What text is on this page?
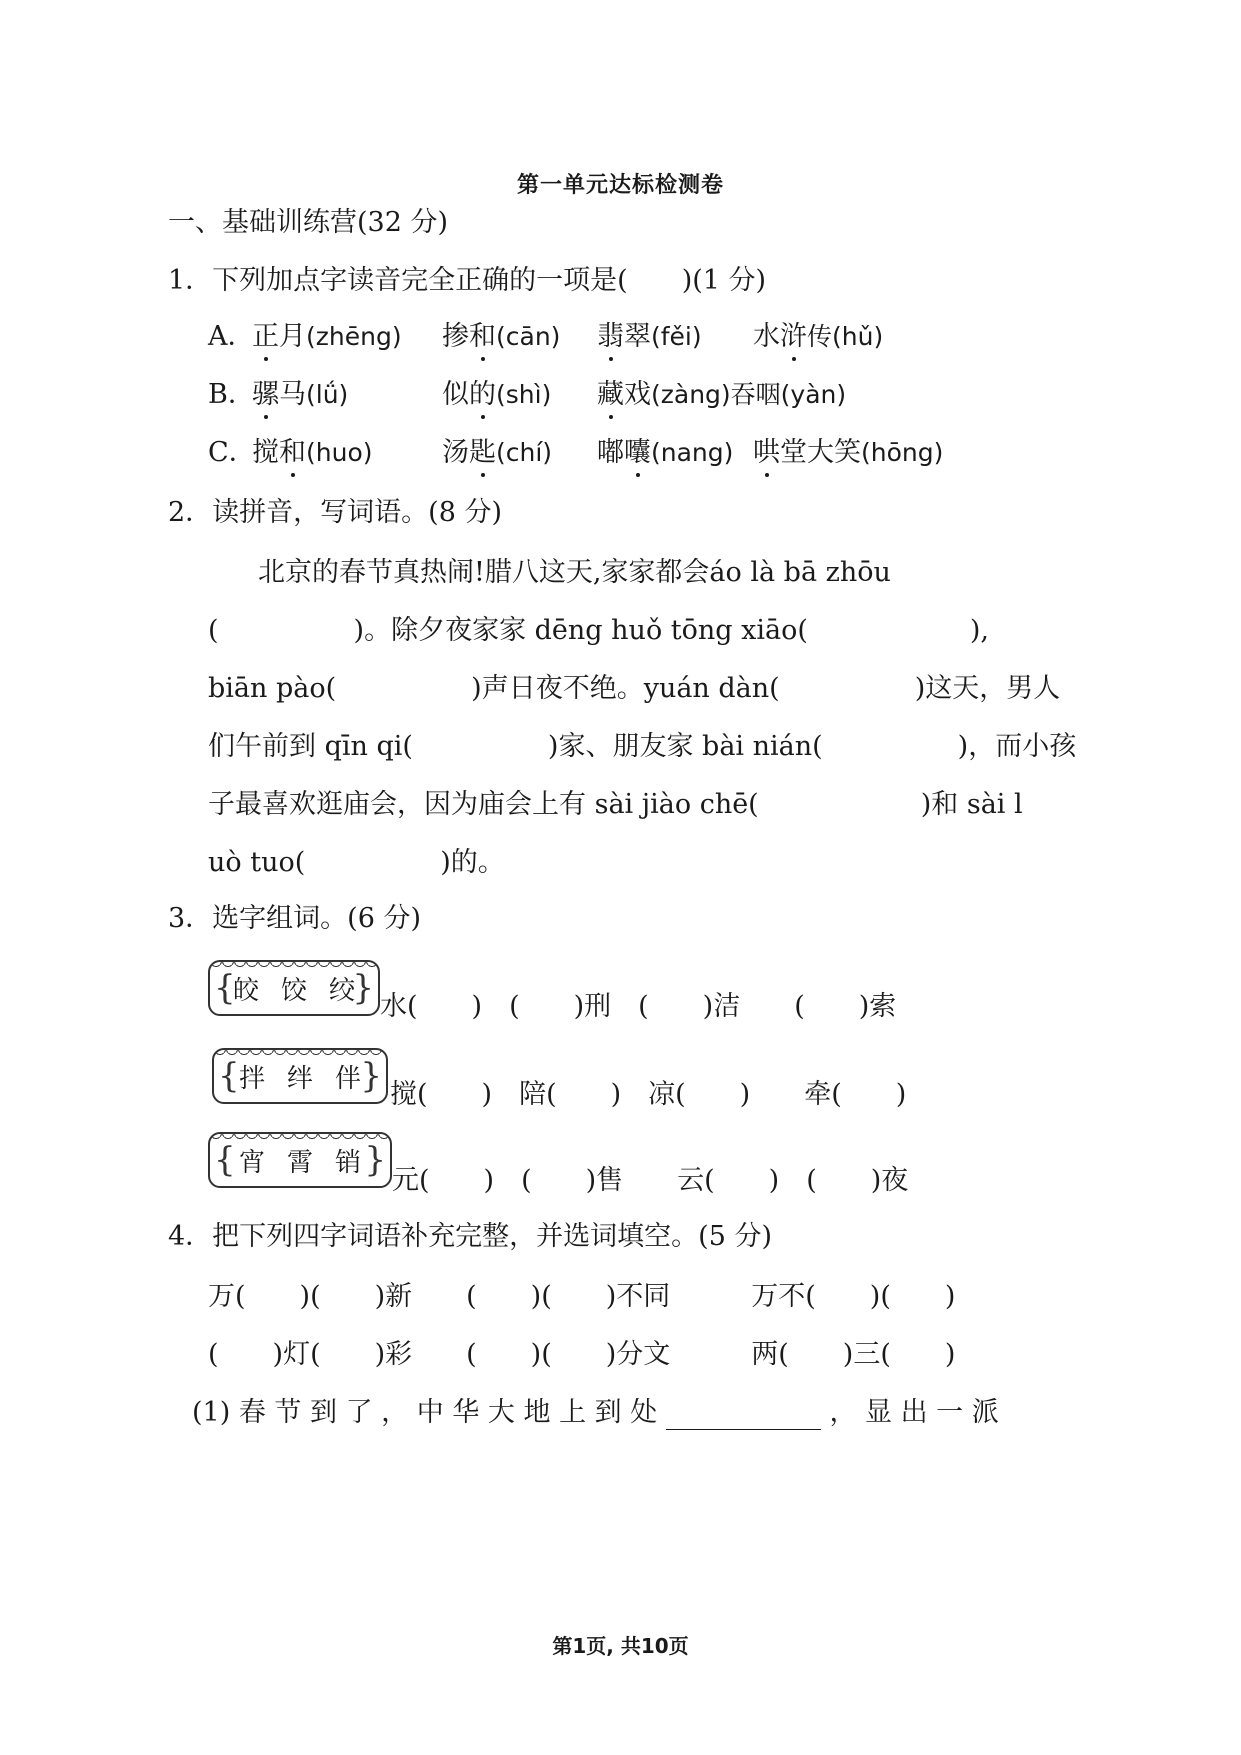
第一单元达标检测卷
一、基础训练营(32 分)
1．下列加点字读音完全正确的一项是(　　)(1 分)
A．
正月(zhēng) 掺和(cān) 翡翠(fěi) 水浒传(hǔ)
B．
骡马(lǘ)	似的(shì) 藏戏(zàng)吞咽(yàn)
C．
搅和(huo)	汤匙(chí) 嘟囔(nang) 哄堂大笑(hōng)
2．读拼音，写词语。(8 分)
北京的春节真热闹!腊八这天,家家都会áo là bā zhōu
(　　　　　)。除夕夜家家 dēng huǒ tōng xiāo(　　　　　　),
biān pào(　　　　　)声日夜不绝。yuán dàn(　　　　　)这天，男人
们午前到 qīn qi(　　　　　)家、朋友家 bài nián(　　　　　)，而小孩
子最喜欢逛庙会，因为庙会上有 sài jiào chē(　　　　　　)和 sài l
uò tuo(　　　　　)的。
3．选字组词。(6 分)
{ 皎 饺 绞
}
水(　　)　(　　)刑　(　　)洁　　(　　)索
{ 拌 绊 伴
}
搅(　　)　陪(　　)　凉(　　)　　牵(　　)
{ 宵 霄 销
}
元(　　)　(　　)售　　云(　　)　(　　)夜
4．把下列四字词语补充完整，并选词填空。(5 分)
万(　　)(　　)新　　(　　)(　　)不同　　　万不(　　)(　　)
(　　)灯(　　)彩　　(　　)(　　)分文　　　两(　　)三(　　)
(1) 春 节 到 了 ， 中 华 大 地 上 到 处	， 显 出 一 派
第1页, 共10页
